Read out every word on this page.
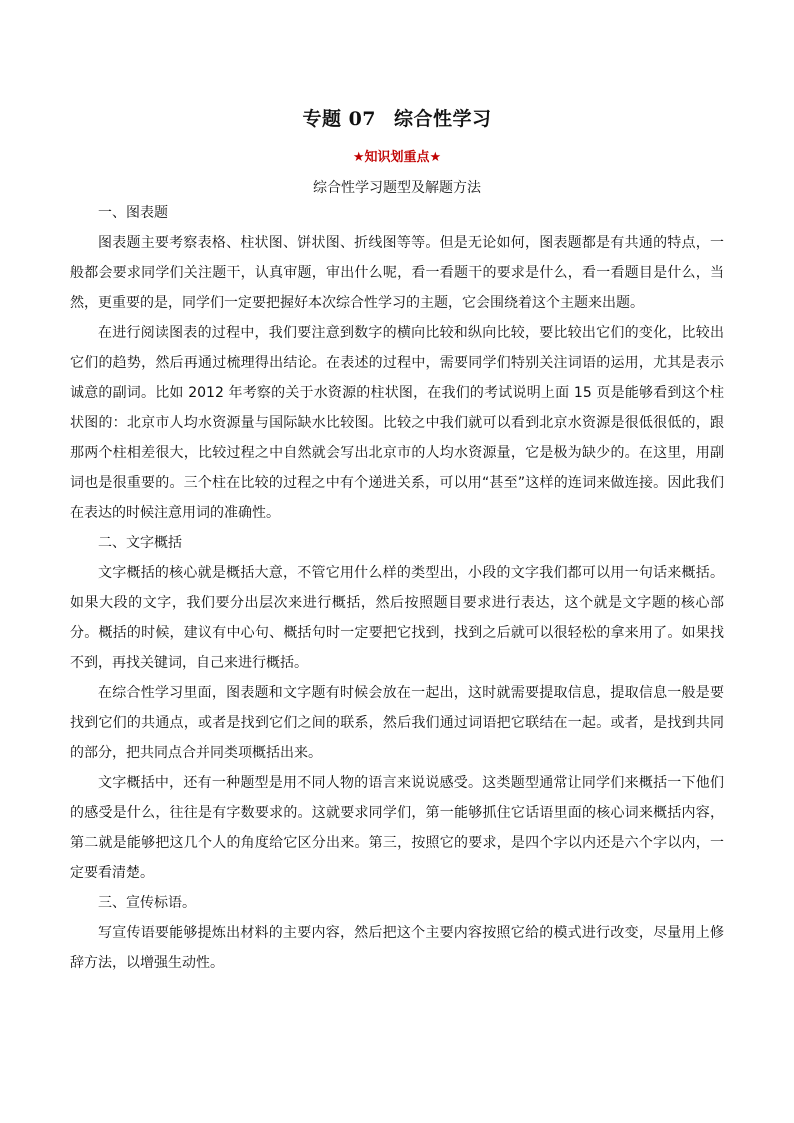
专题 07 综合性学习
★知识划重点★
综合性学习题型及解题方法

一、图表题

图表题主要考察表格、柱状图、饼状图、折线图等等。但是无论如何，图表题都是有共通的特点，一般都会要求同学们关注题干，认真审题，审出什么呢，看一看题干的要求是什么，看一看题目是什么，当然，更重要的是，同学们一定要把握好本次综合性学习的主题，它会围绕着这个主题来出题。

在进行阅读图表的过程中，我们要注意到数字的横向比较和纵向比较，要比较出它们的变化，比较出它们的趋势，然后再通过梳理得出结论。在表述的过程中，需要同学们特别关注词语的运用，尤其是表示诚意的副词。比如 2012 年考察的关于水资源的柱状图，在我们的考试说明上面 15 页是能够看到这个柱状图的：北京市人均水资源量与国际缺水比较图。比较之中我们就可以看到北京水资源是很低很低的，跟那两个柱相差很大，比较过程之中自然就会写出北京市的人均水资源量，它是极为缺少的。在这里，用副词也是很重要的。三个柱在比较的过程之中有个递进关系，可以用“甚至”这样的连词来做连接。因此我们在表达的时候注意用词的准确性。

二、文字概括

文字概括的核心就是概括大意，不管它用什么样的类型出，小段的文字我们都可以用一句话来概括。如果大段的文字，我们要分出层次来进行概括，然后按照题目要求进行表达，这个就是文字题的核心部分。概括的时候，建议有中心句、概括句时一定要把它找到，找到之后就可以很轻松的拿来用了。如果找不到，再找关键词，自己来进行概括。

在综合性学习里面，图表题和文字题有时候会放在一起出，这时就需要提取信息，提取信息一般是要找到它们的共通点，或者是找到它们之间的联系，然后我们通过词语把它联结在一起。或者，是找到共同的部分，把共同点合并同类项概括出来。

文字概括中，还有一种题型是用不同人物的语言来说说感受。这类题型通常让同学们来概括一下他们的感受是什么，往往是有字数要求的。这就要求同学们，第一能够抓住它话语里面的核心词来概括内容，第二就是能够把这几个人的角度给它区分出来。第三，按照它的要求，是四个字以内还是六个字以内，一定要看清楚。

三、宣传标语。

写宣传语要能够提炼出材料的主要内容，然后把这个主要内容按照它给的模式进行改变，尽量用上修辞方法，以增强生动性。
